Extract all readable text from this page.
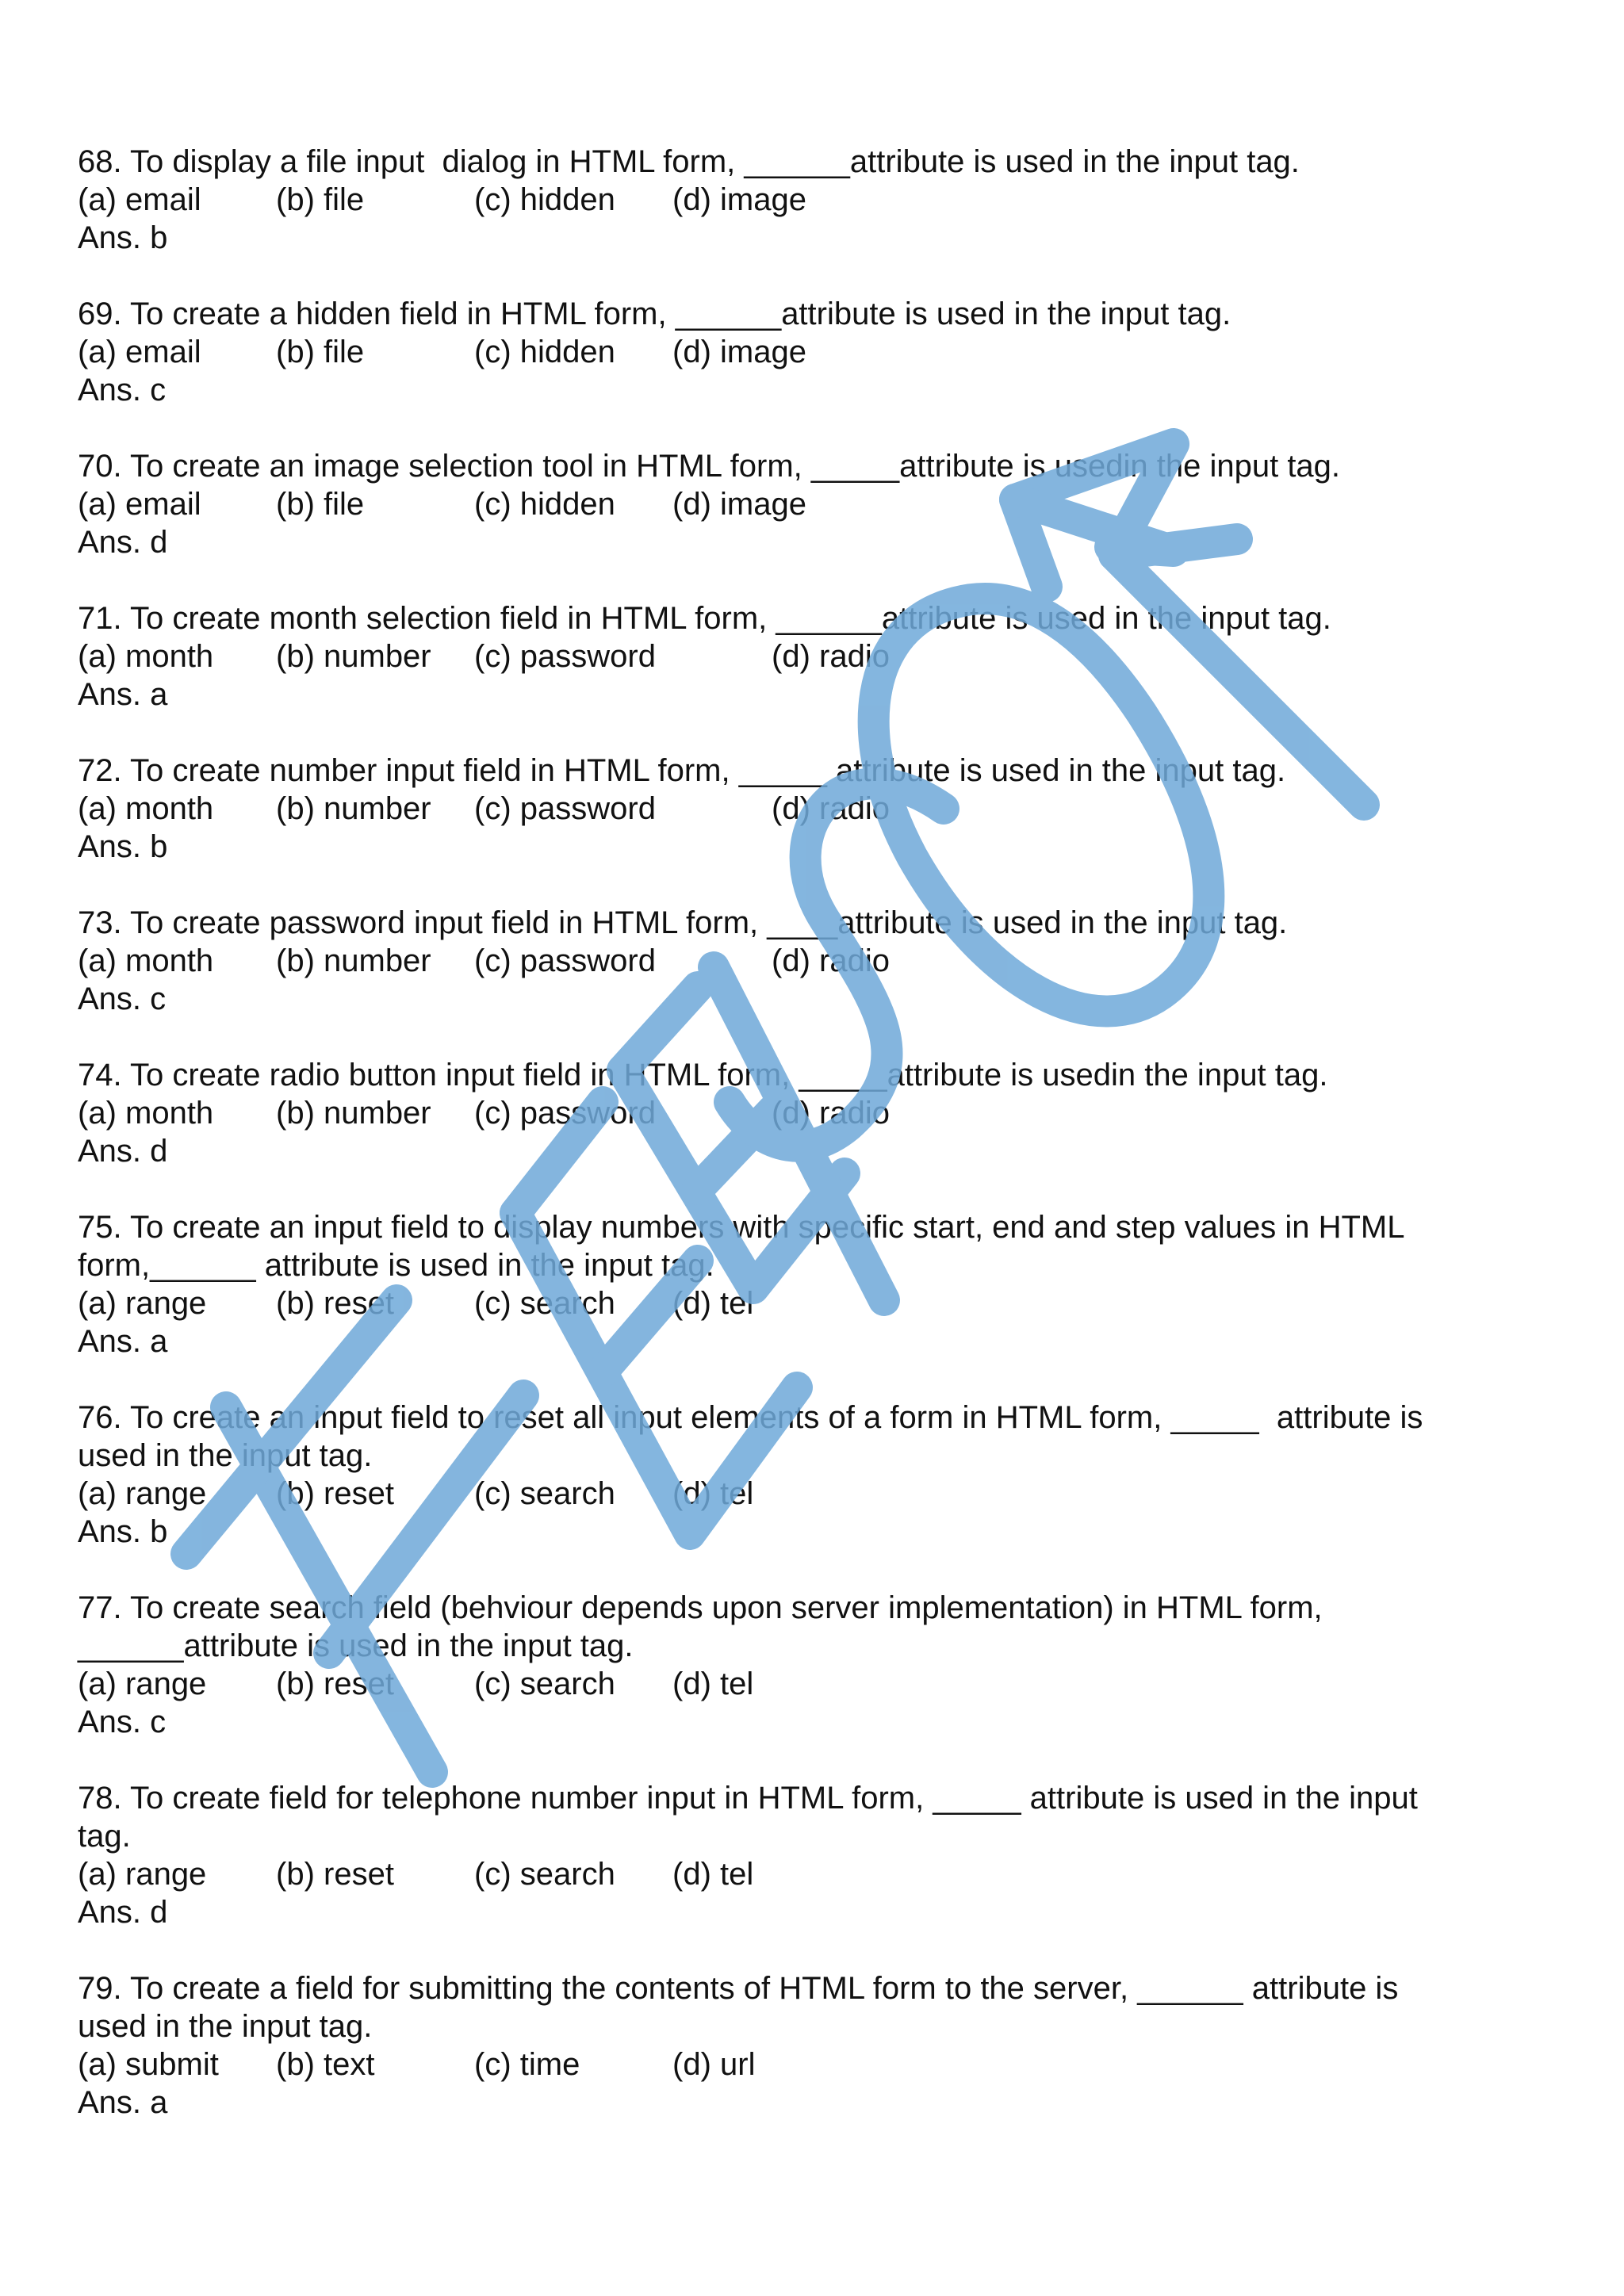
68. To display a file input  dialog in HTML form, ______attribute is used in the input tag.
(a) email	(b) file	(c) hidden	(d) image
Ans. b
69. To create a hidden field in HTML form, ______attribute is used in the input tag.
(a) email	(b) file	(c) hidden	(d) image
Ans. c
70. To create an image selection tool in HTML form, _____attribute is usedin the input tag.
(a) email	(b) file	(c) hidden	(d) image
Ans. d
71. To create month selection field in HTML form, ______attribute is used in the input tag.
(a) month	(b) number	(c) password	(d) radio
Ans. a
72. To create number input field in HTML form, _____ attribute is used in the input tag.
(a) month	(b) number	(c) password	(d) radio
Ans. b
73. To create password input field in HTML form, ____attribute is used in the input tag.
(a) month	(b) number	(c) password	(d) radio
Ans. c
74. To create radio button input field in HTML form, _____attribute is usedin the input tag.
(a) month	(b) number	(c) password	(d) radio
Ans. d
75. To create an input field to display numbers with specific start, end and step values in HTML
form,______ attribute is used in the input tag.
(a) range	(b) reset	(c) search	(d) tel
Ans. a
76. To create an input field to reset all input elements of a form in HTML form, _____  attribute is
used in the input tag.
(a) range	(b) reset	(c) search	(d) tel
Ans. b
77. To create search field (behviour depends upon server implementation) in HTML form,
______attribute is used in the input tag.
(a) range	(b) reset	(c) search	(d) tel
Ans. c
78. To create field for telephone number input in HTML form, _____ attribute is used in the input
tag.
(a) range	(b) reset	(c) search	(d) tel
Ans. d
79. To create a field for submitting the contents of HTML form to the server, ______ attribute is
used in the input tag.
(a) submit	(b) text	(c) time	(d) url
Ans. a
